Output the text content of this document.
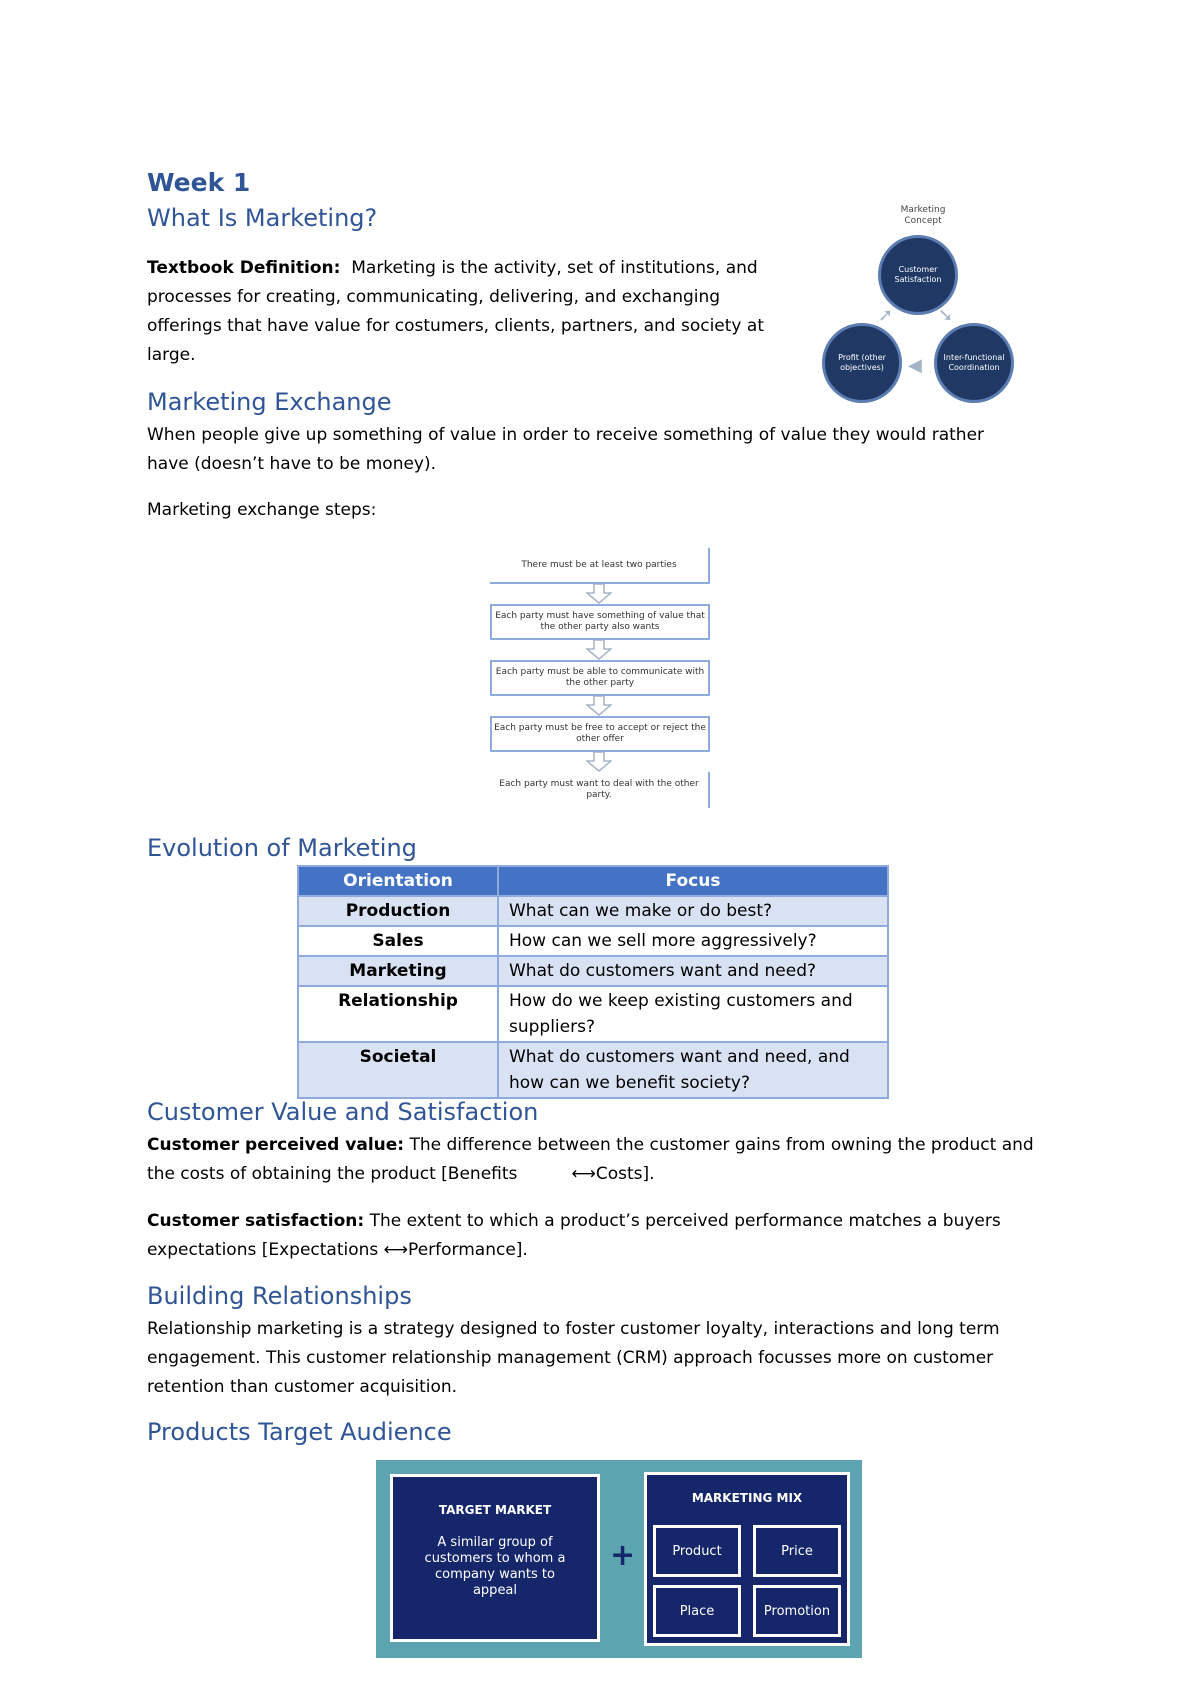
Week 1
What Is Marketing?
Textbook Definition: Marketing is the activity, set of institutions, and
processes for creating, communicating, delivering, and exchanging
offerings that have value for costumers, clients, partners, and society at
large.
Marketing Concept
Customer Satisfaction
Profit (other objectives)
Inter-functional Coordination
➚ ➘
◀
Marketing Exchange
When people give up something of value in order to receive something of value they would rather
have (doesn’t have to be money).
Marketing exchange steps:
There must be at least two parties
Each party must have something of value that the other party also wants
Each party must be able to communicate with the other party
Each party must be free to accept or reject the other offer
Each party must want to deal with the other party.
Evolution of Marketing
Orientation	Focus
Production	What can we make or do best?
Sales	How can we sell more aggressively?
Marketing	What do customers want and need?
Relationship	How do we keep existing customers and suppliers?
Societal	What do customers want and need, and how can we benefit society?
Customer Value and Satisfaction
Customer perceived value: The difference between the customer gains from owning the product and
the costs of obtaining the product [Benefits	⟷Costs].
Customer satisfaction: The extent to which a product’s perceived performance matches a buyers
expectations [Expectations ⟷Performance].
Building Relationships
Relationship marketing is a strategy designed to foster customer loyalty, interactions and long term
engagement. This customer relationship management (CRM) approach focusses more on customer
retention than customer acquisition.
Products Target Audience
TARGET MARKET
A similar group of customers to whom a company wants to appeal
+
MARKETING MIX
Product	Price
Place	Promotion
